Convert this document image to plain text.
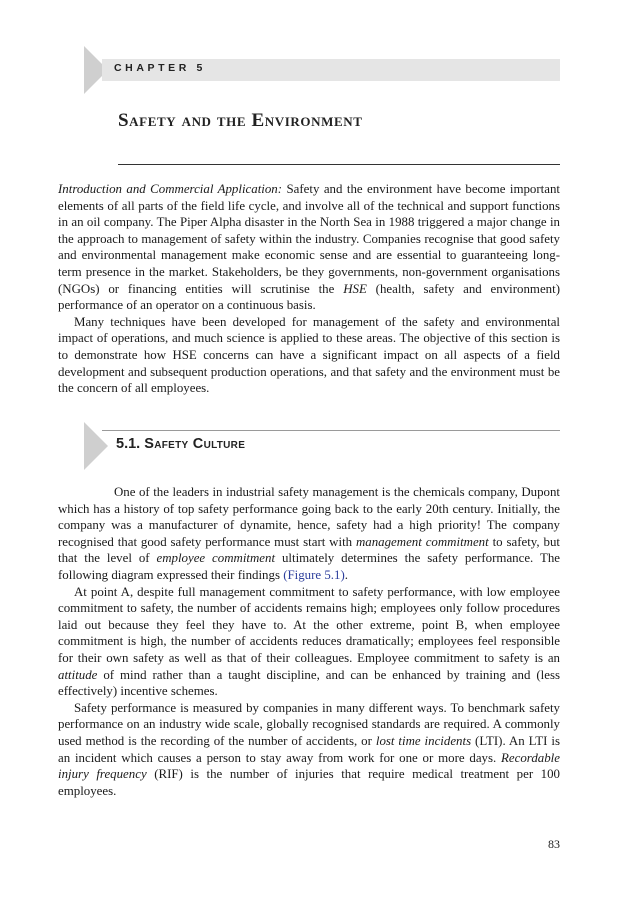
CHAPTER 5
Safety and the Environment

Introduction and Commercial Application: Safety and the environment have become important elements of all parts of the field life cycle, and involve all of the technical and support functions in an oil company. The Piper Alpha disaster in the North Sea in 1988 triggered a major change in the approach to management of safety within the industry. Companies recognise that good safety and environmental management make economic sense and are essential to guaranteeing long-term presence in the market. Stakeholders, be they governments, non-government organisations (NGOs) or financing entities will scrutinise the HSE (health, safety and environment) performance of an operator on a continuous basis.

Many techniques have been developed for management of the safety and environmental impact of operations, and much science is applied to these areas. The objective of this section is to demonstrate how HSE concerns can have a significant impact on all aspects of a field development and subsequent production operations, and that safety and the environment must be the concern of all employees.

5.1. Safety Culture

One of the leaders in industrial safety management is the chemicals company, Dupont which has a history of top safety performance going back to the early 20th century. Initially, the company was a manufacturer of dynamite, hence, safety had a high priority! The company recognised that good safety performance must start with management commitment to safety, but that the level of employee commitment ultimately determines the safety performance. The following diagram expressed their findings (Figure 5.1).

At point A, despite full management commitment to safety performance, with low employee commitment to safety, the number of accidents remains high; employees only follow procedures laid out because they feel they have to. At the other extreme, point B, when employee commitment is high, the number of accidents reduces dramatically; employees feel responsible for their own safety as well as that of their colleagues. Employee commitment to safety is an attitude of mind rather than a taught discipline, and can be enhanced by training and (less effectively) incentive schemes.

Safety performance is measured by companies in many different ways. To benchmark safety performance on an industry wide scale, globally recognised standards are required. A commonly used method is the recording of the number of accidents, or lost time incidents (LTI). An LTI is an incident which causes a person to stay away from work for one or more days. Recordable injury frequency (RIF) is the number of injuries that require medical treatment per 100 employees.

83
